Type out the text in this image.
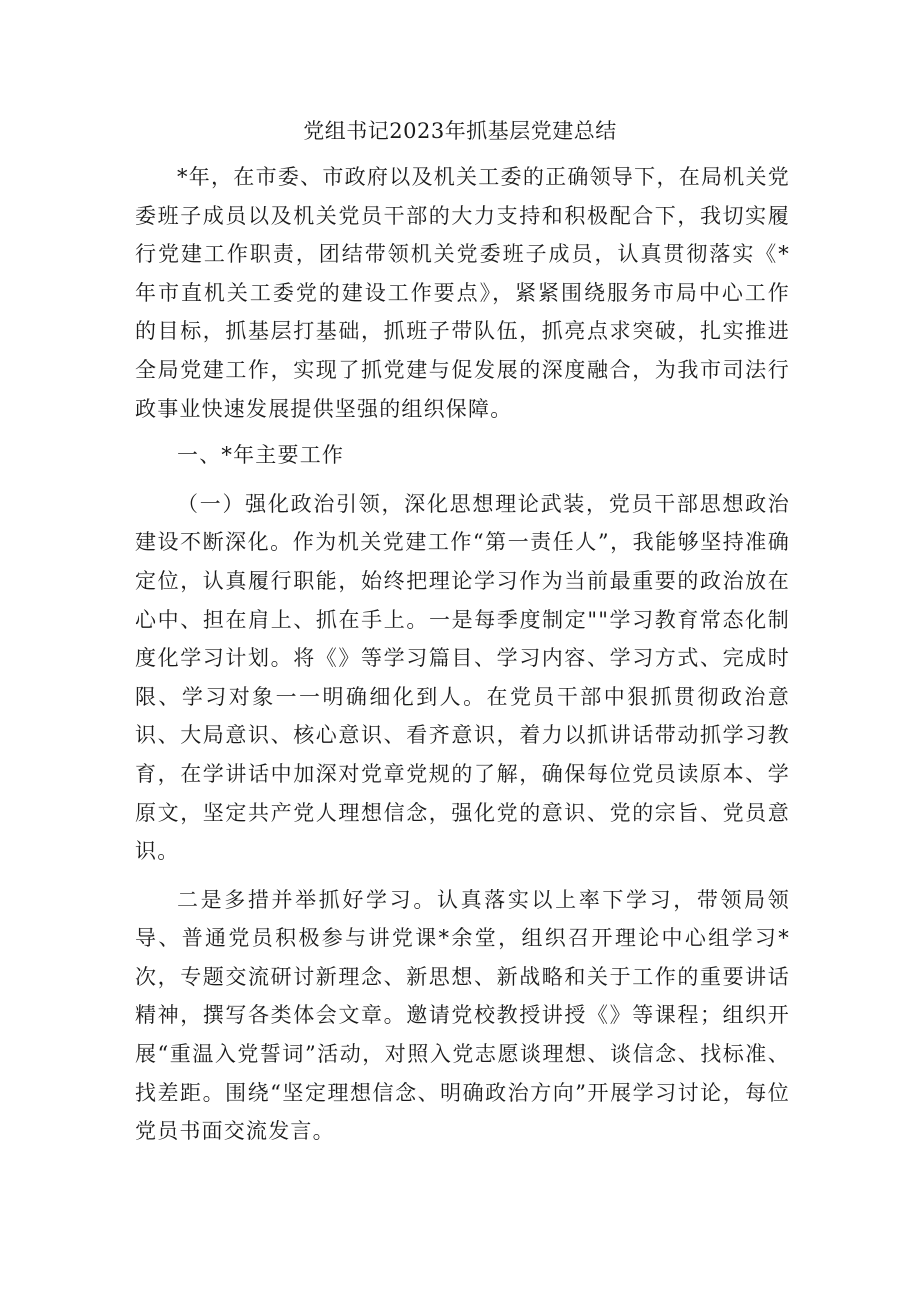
党组书记2023年抓基层党建总结

*年，在市委、市政府以及机关工委的正确领导下，在局机关党委班子成员以及机关党员干部的大力支持和积极配合下，我切实履行党建工作职责，团结带领机关党委班子成员，认真贯彻落实《*年市直机关工委党的建设工作要点》，紧紧围绕服务市局中心工作的目标，抓基层打基础，抓班子带队伍，抓亮点求突破，扎实推进全局党建工作，实现了抓党建与促发展的深度融合，为我市司法行政事业快速发展提供坚强的组织保障。

一、*年主要工作

（一）强化政治引领，深化思想理论武装，党员干部思想政治建设不断深化。作为机关党建工作“第一责任人”，我能够坚持准确定位，认真履行职能，始终把理论学习作为当前最重要的政治放在心中、担在肩上、抓在手上。一是每季度制定""学习教育常态化制度化学习计划。将《》等学习篇目、学习内容、学习方式、完成时限、学习对象一一明确细化到人。在党员干部中狠抓贯彻政治意识、大局意识、核心意识、看齐意识，着力以抓讲话带动抓学习教育，在学讲话中加深对党章党规的了解，确保每位党员读原本、学原文，坚定共产党人理想信念，强化党的意识、党的宗旨、党员意识。

二是多措并举抓好学习。认真落实以上率下学习，带领局领导、普通党员积极参与讲党课*余堂，组织召开理论中心组学习*次，专题交流研讨新理念、新思想、新战略和关于工作的重要讲话精神，撰写各类体会文章。邀请党校教授讲授《》等课程；组织开展“重温入党誓词”活动，对照入党志愿谈理想、谈信念、找标准、找差距。围绕“坚定理想信念、明确政治方向”开展学习讨论，每位党员书面交流发言。
